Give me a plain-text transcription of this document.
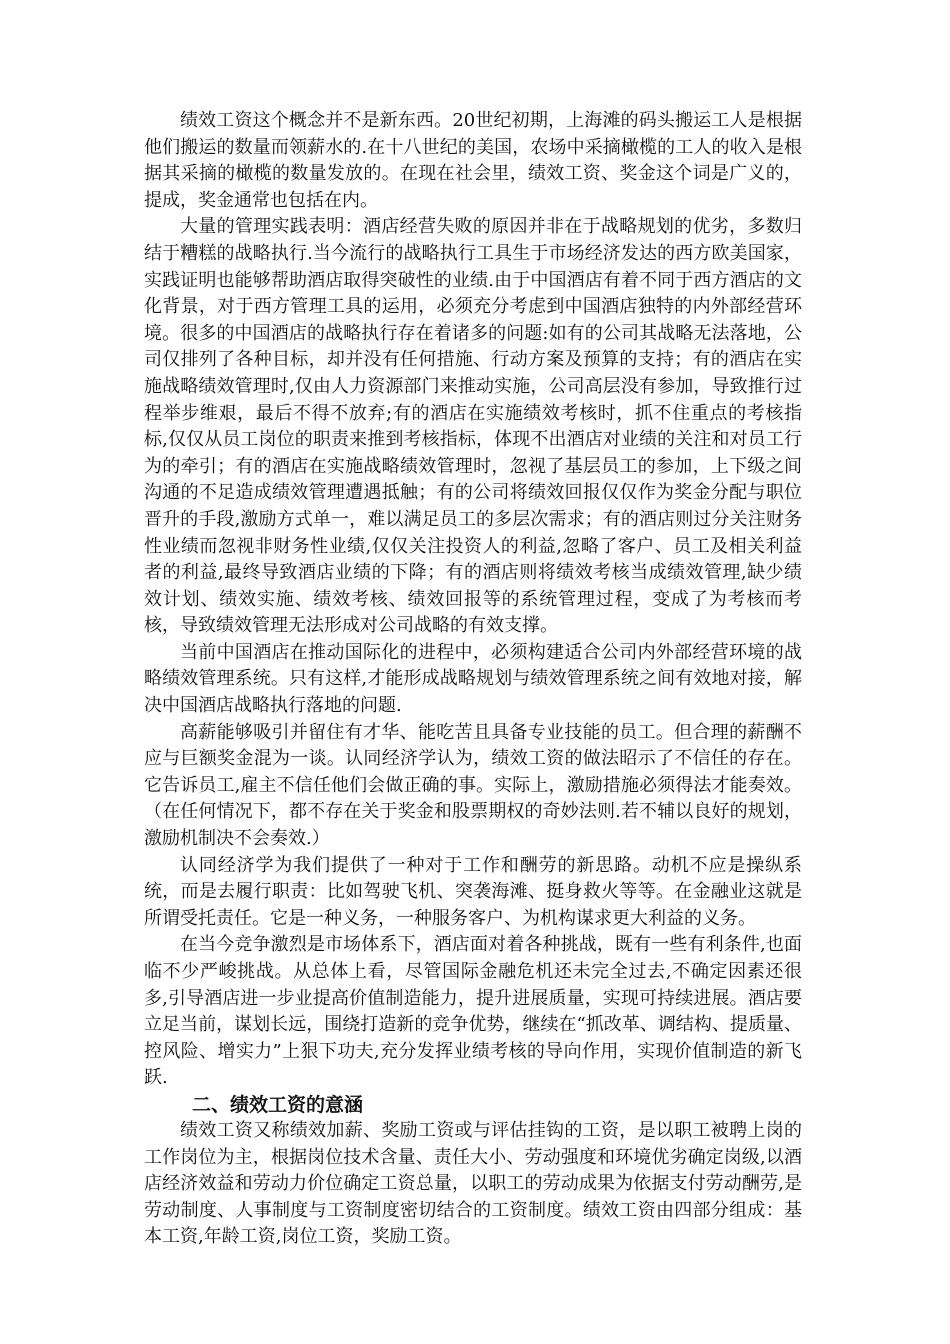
绩效工资这个概念并不是新东西。20世纪初期，上海滩的码头搬运工人是根据他们搬运的数量而领薪水的.在十八世纪的美国，农场中采摘橄榄的工人的收入是根据其采摘的橄榄的数量发放的。在现在社会里，绩效工资、奖金这个词是广义的，提成，奖金通常也包括在内。

大量的管理实践表明：酒店经营失败的原因并非在于战略规划的优劣，多数归结于糟糕的战略执行.当今流行的战略执行工具生于市场经济发达的西方欧美国家，实践证明也能够帮助酒店取得突破性的业绩.由于中国酒店有着不同于西方酒店的文化背景，对于西方管理工具的运用，必须充分考虑到中国酒店独特的内外部经营环境。很多的中国酒店的战略执行存在着诸多的问题:如有的公司其战略无法落地，公司仅排列了各种目标，却并没有任何措施、行动方案及预算的支持；有的酒店在实施战略绩效管理时,仅由人力资源部门来推动实施，公司高层没有参加，导致推行过程举步维艰，最后不得不放弃;有的酒店在实施绩效考核时，抓不住重点的考核指标,仅仅从员工岗位的职责来推到考核指标，体现不出酒店对业绩的关注和对员工行为的牵引；有的酒店在实施战略绩效管理时，忽视了基层员工的参加，上下级之间沟通的不足造成绩效管理遭遇抵触；有的公司将绩效回报仅仅作为奖金分配与职位晋升的手段,激励方式单一，难以满足员工的多层次需求；有的酒店则过分关注财务性业绩而忽视非财务性业绩,仅仅关注投资人的利益,忽略了客户、员工及相关利益者的利益,最终导致酒店业绩的下降；有的酒店则将绩效考核当成绩效管理,缺少绩效计划、绩效实施、绩效考核、绩效回报等的系统管理过程，变成了为考核而考核，导致绩效管理无法形成对公司战略的有效支撑。

当前中国酒店在推动国际化的进程中，必须构建适合公司内外部经营环境的战略绩效管理系统。只有这样,才能形成战略规划与绩效管理系统之间有效地对接，解决中国酒店战略执行落地的问题.

高薪能够吸引并留住有才华、能吃苦且具备专业技能的员工。但合理的薪酬不应与巨额奖金混为一谈。认同经济学认为，绩效工资的做法昭示了不信任的存在。它告诉员工,雇主不信任他们会做正确的事。实际上，激励措施必须得法才能奏效。（在任何情况下，都不存在关于奖金和股票期权的奇妙法则.若不辅以良好的规划，激励机制决不会奏效.）

认同经济学为我们提供了一种对于工作和酬劳的新思路。动机不应是操纵系统，而是去履行职责：比如驾驶飞机、突袭海滩、挺身救火等等。在金融业这就是所谓受托责任。它是一种义务，一种服务客户、为机构谋求更大利益的义务。

在当今竞争激烈是市场体系下，酒店面对着各种挑战，既有一些有利条件,也面临不少严峻挑战。从总体上看，尽管国际金融危机还未完全过去,不确定因素还很多,引导酒店进一步业提高价值制造能力，提升进展质量，实现可持续进展。酒店要立足当前，谋划长远，围绕打造新的竞争优势，继续在“抓改革、调结构、提质量、控风险、增实力”上狠下功夫,充分发挥业绩考核的导向作用，实现价值制造的新飞跃.

二、绩效工资的意涵

绩效工资又称绩效加薪、奖励工资或与评估挂钩的工资，是以职工被聘上岗的工作岗位为主，根据岗位技术含量、责任大小、劳动强度和环境优劣确定岗级,以酒店经济效益和劳动力价位确定工资总量，以职工的劳动成果为依据支付劳动酬劳,是劳动制度、人事制度与工资制度密切结合的工资制度。绩效工资由四部分组成：基本工资,年龄工资,岗位工资，奖励工资。
